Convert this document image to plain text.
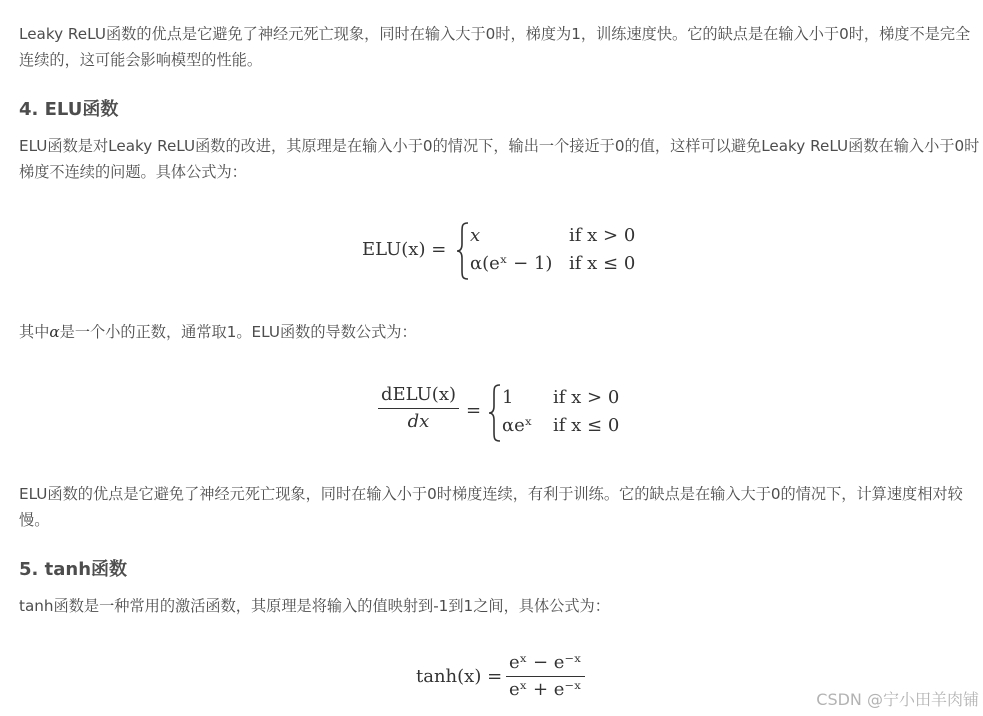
Leaky ReLU函数的优点是它避免了神经元死亡现象，同时在输入大于0时，梯度为1，训练速度快。它的缺点是在输入小于0时，梯度不是完全连续的，这可能会影响模型的性能。

4. ELU函数

ELU函数是对Leaky ReLU函数的改进，其原理是在输入小于0的情况下，输出一个接近于0的值，这样可以避免Leaky ReLU函数在输入小于0时梯度不连续的问题。具体公式为：

ELU(x) =
x	if x > 0
α(eˣ − 1) if x ≤ 0

其中α是一个小的正数，通常取1。ELU函数的导数公式为：

dELU(x)
dx
=
1 if x > 0
αeˣ if x ≤ 0

ELU函数的优点是它避免了神经元死亡现象，同时在输入小于0时梯度连续，有利于训练。它的缺点是在输入大于0的情况下，计算速度相对较慢。

5. tanh函数

tanh函数是一种常用的激活函数，其原理是将输入的值映射到-1到1之间，具体公式为：

tanh(x) =
eˣ − e⁻ˣ
eˣ + e⁻ˣ	CSDN @宁小田羊肉铺
